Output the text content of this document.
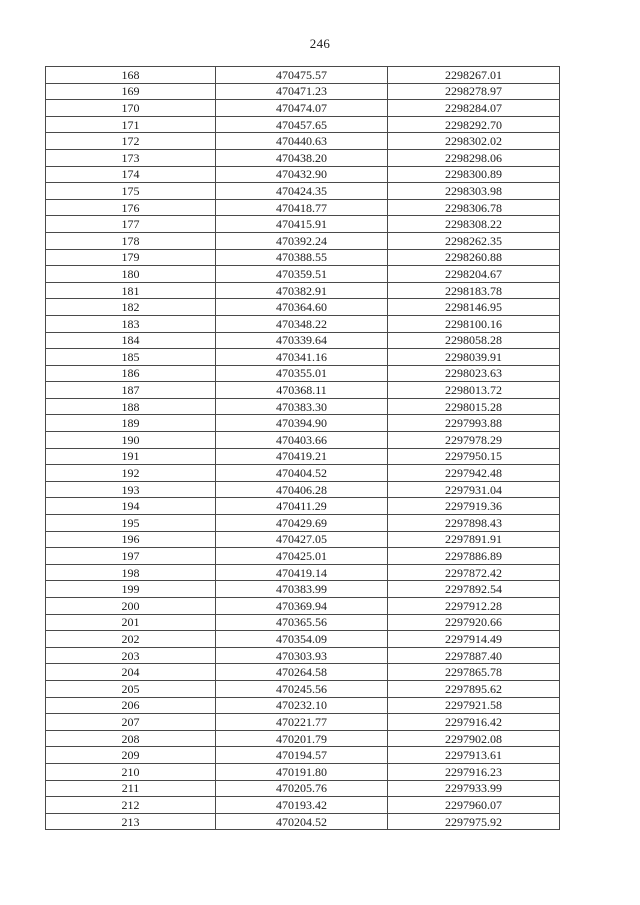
246
168	470475.57	2298267.01
169	470471.23	2298278.97
170	470474.07	2298284.07
171	470457.65	2298292.70
172	470440.63	2298302.02
173	470438.20	2298298.06
174	470432.90	2298300.89
175	470424.35	2298303.98
176	470418.77	2298306.78
177	470415.91	2298308.22
178	470392.24	2298262.35
179	470388.55	2298260.88
180	470359.51	2298204.67
181	470382.91	2298183.78
182	470364.60	2298146.95
183	470348.22	2298100.16
184	470339.64	2298058.28
185	470341.16	2298039.91
186	470355.01	2298023.63
187	470368.11	2298013.72
188	470383.30	2298015.28
189	470394.90	2297993.88
190	470403.66	2297978.29
191	470419.21	2297950.15
192	470404.52	2297942.48
193	470406.28	2297931.04
194	470411.29	2297919.36
195	470429.69	2297898.43
196	470427.05	2297891.91
197	470425.01	2297886.89
198	470419.14	2297872.42
199	470383.99	2297892.54
200	470369.94	2297912.28
201	470365.56	2297920.66
202	470354.09	2297914.49
203	470303.93	2297887.40
204	470264.58	2297865.78
205	470245.56	2297895.62
206	470232.10	2297921.58
207	470221.77	2297916.42
208	470201.79	2297902.08
209	470194.57	2297913.61
210	470191.80	2297916.23
211	470205.76	2297933.99
212	470193.42	2297960.07
213	470204.52	2297975.92
